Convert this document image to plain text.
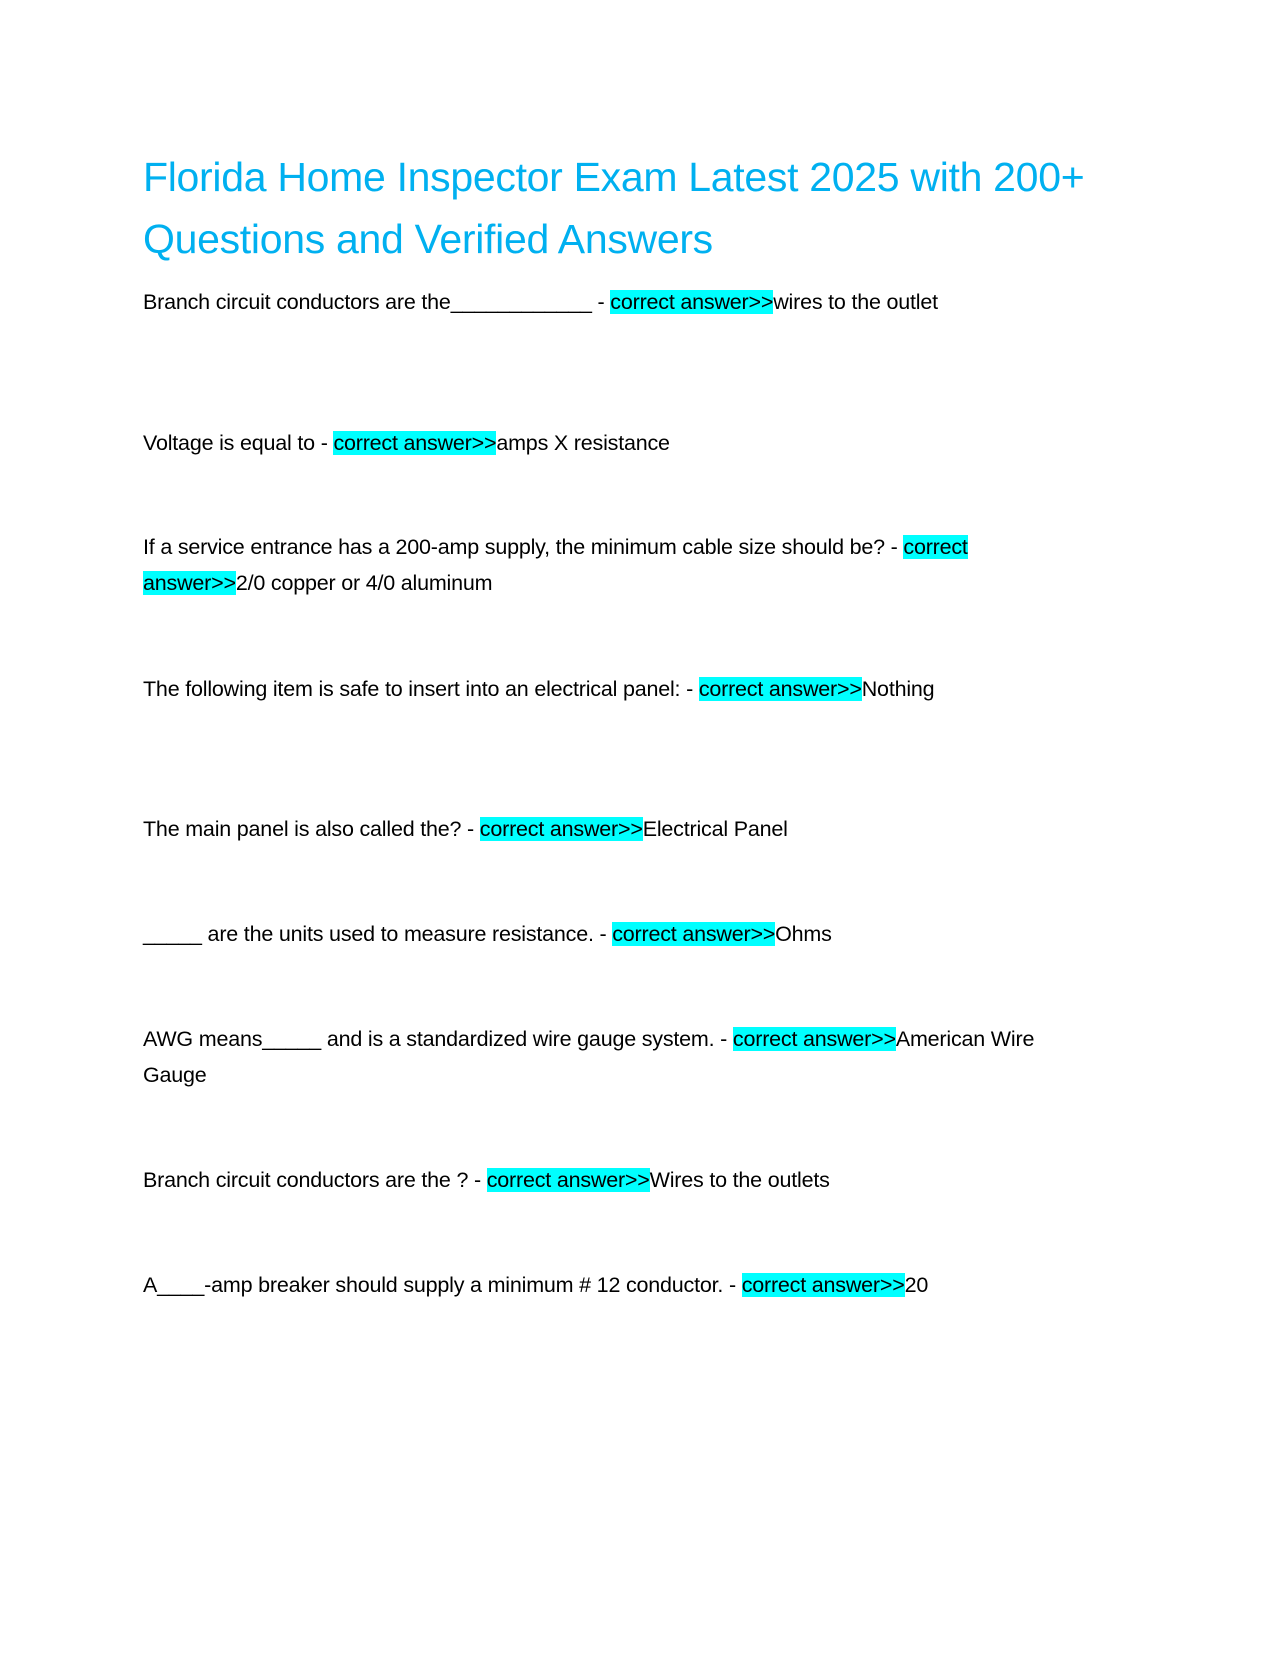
Florida Home Inspector Exam Latest 2025 with 200+ Questions and Verified Answers
Branch circuit conductors are the____________ - correct answer>>wires to the outlet
Voltage is equal to - correct answer>>amps X resistance
If a service entrance has a 200-amp supply, the minimum cable size should be? - correct answer>>2/0 copper or 4/0 aluminum
The following item is safe to insert into an electrical panel: - correct answer>>Nothing
The main panel is also called the? - correct answer>>Electrical Panel
_____ are the units used to measure resistance. - correct answer>>Ohms
AWG means_____ and is a standardized wire gauge system. - correct answer>>American Wire Gauge
Branch circuit conductors are the ? - correct answer>>Wires to the outlets
A____-amp breaker should supply a minimum # 12 conductor. - correct answer>>20
